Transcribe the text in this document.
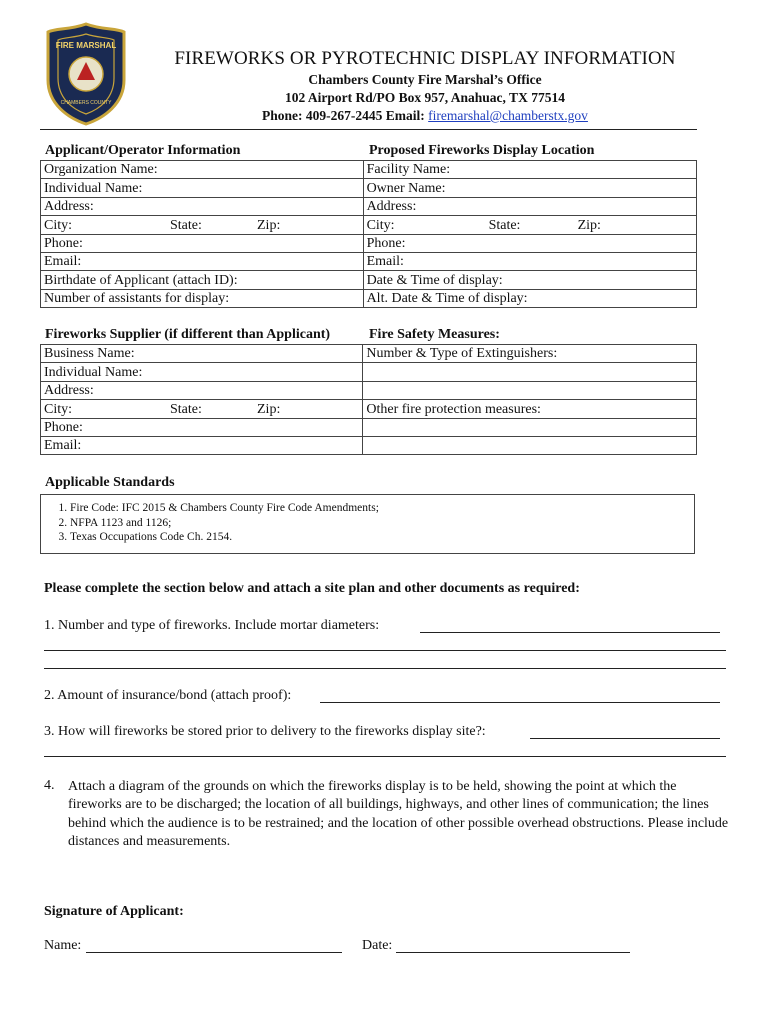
FIRE MARSHAL
CHAMBERS COUNTY
FIREWORKS OR PYROTECHNIC DISPLAY INFORMATION
Chambers County Fire Marshal’s Office
102 Airport Rd/PO Box 957, Anahuac, TX 77514
Phone: 409-267-2445 Email: firemarshal@chamberstx.gov
Applicant/Operator Information	Proposed Fireworks Display Location
Organization Name:	Facility Name:
Individual Name:	Owner Name:
Address:	Address:

City: State: Zip:	City: State: Zip:

Phone:	Phone:
Email:	Email:
Birthdate of Applicant (attach ID):	Date & Time of display:
Number of assistants for display:	Alt. Date & Time of display:
Fireworks Supplier (if different than Applicant)	Fire Safety Measures:
Business Name:	Number & Type of Extinguishers:
Individual Name:	
Address:	

City: State: Zip:	Other fire protection measures:
Phone:	
Email:	
Applicable Standards
1. Fire Code: IFC 2015 & Chambers County Fire Code Amendments;
2. NFPA 1123 and 1126;
3. Texas Occupations Code Ch. 2154.
Please complete the section below and attach a site plan and other documents as required:
1. Number and type of fireworks. Include mortar diameters:
2. Amount of insurance/bond (attach proof):
3. How will fireworks be stored prior to delivery to the fireworks display site?:
4. Attach a diagram of the grounds on which the fireworks display is to be held, showing the point at which the fireworks are to be discharged; the location of all buildings, highways, and other lines of communication; the lines behind which the audience is to be restrained; and the location of other possible overhead obstructions. Please include distances and measurements.
Signature of Applicant:
Name:	Date:
